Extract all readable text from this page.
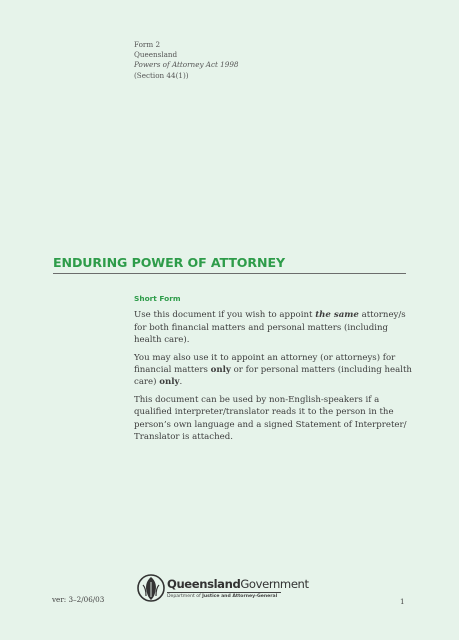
Form 2
Queensland
Powers of Attorney Act 1998
(Section 44(1))
ENDURING POWER OF ATTORNEY
Short Form

Use this document if you wish to appoint the same attorney/s for both financial matters and personal matters (including health care).

You may also use it to appoint an attorney (or attorneys) for financial matters only or for personal matters (including health care) only.

This document can be used by non-English-speakers if a qualified interpreter/translator reads it to the person in the person’s own language and a signed Statement of Interpreter/ Translator is attached.

ver: 3–2/06/03
QueenslandGovernment
Department of Justice and Attorney-General
1
